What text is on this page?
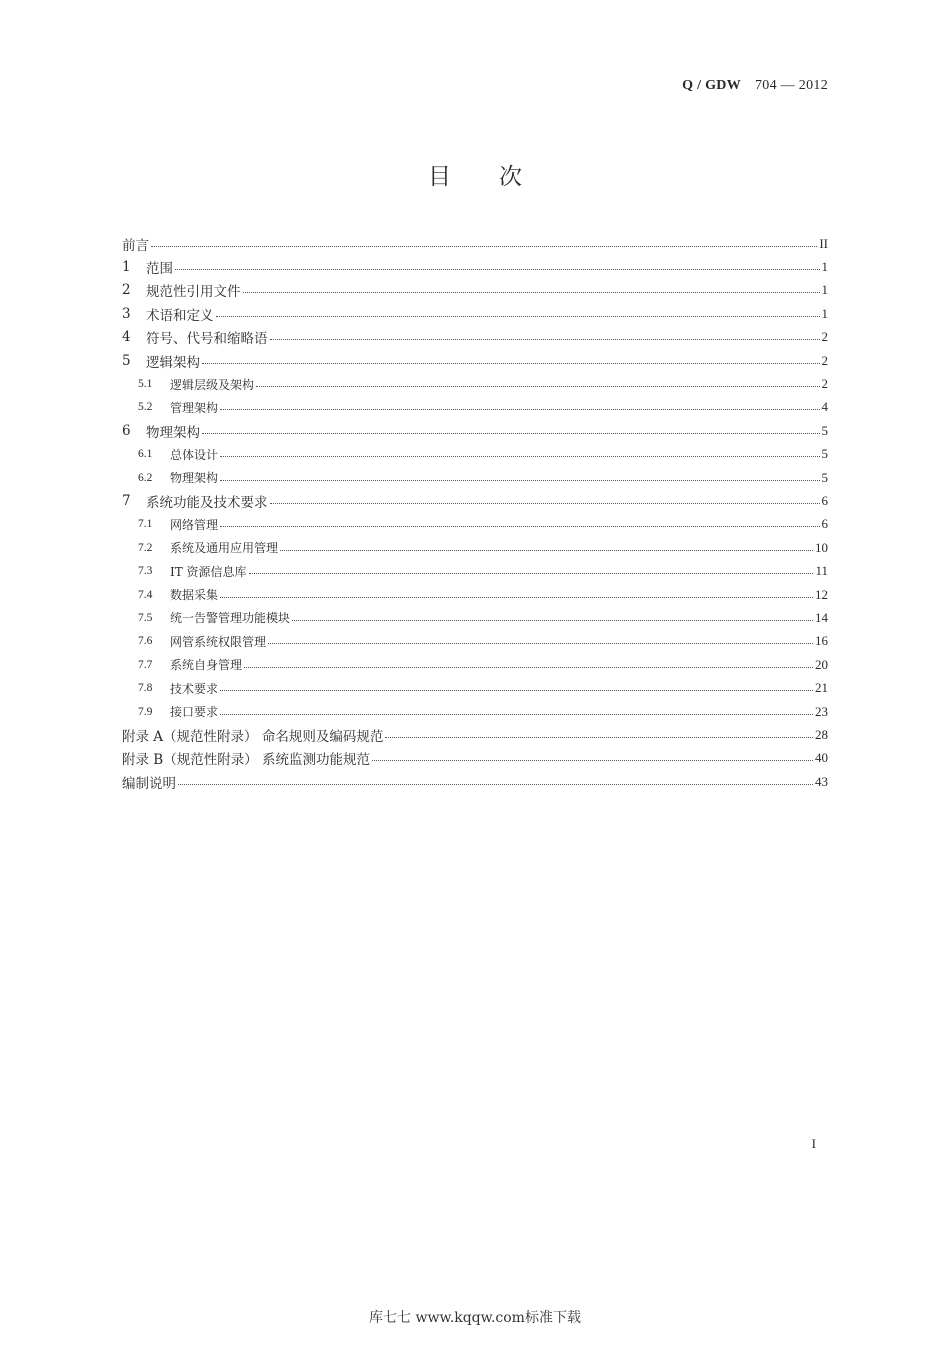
Q / GDW 704 — 2012
目次
前言	II
1	范围	1
2	规范性引用文件	1
3	术语和定义	1
4	符号、代号和缩略语	2
5	逻辑架构	2
5.1	逻辑层级及架构	2
5.2	管理架构	4
6	物理架构	5
6.1	总体设计	5
6.2	物理架构	5
7	系统功能及技术要求	6
7.1	网络管理	6
7.2	系统及通用应用管理	10
7.3	IT 资源信息库	11
7.4	数据采集	12
7.5	统一告警管理功能模块	14
7.6	网管系统权限管理	16
7.7	系统自身管理	20
7.8	技术要求	21
7.9	接口要求	23
附录 A（规范性附录） 命名规则及编码规范	28
附录 B（规范性附录） 系统监测功能规范	40
编制说明	43
I
库七七 www.kqqw.com标准下载
